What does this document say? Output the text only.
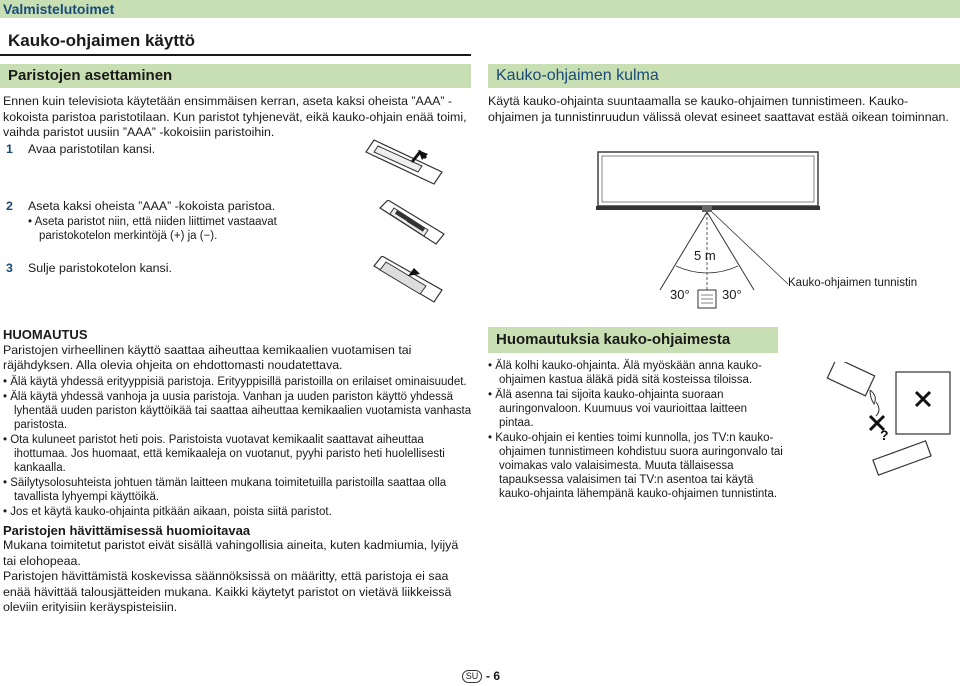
Valmistelutoimet
Kauko-ohjaimen käyttö
Paristojen asettaminen
Ennen kuin televisiota käytetään ensimmäisen kerran, aseta kaksi oheista ”AAA” -kokoista paristoa paristotilaan. Kun paristot tyhjenevät, eikä kauko-ohjain enää toimi, vaihda paristot uusiin ”AAA” -kokoisiin paristoihin.
1 Avaa paristotilan kansi.
2 Aseta kaksi oheista ”AAA” -kokoista paristoa.
• Aseta paristot niin, että niiden liittimet vastaavat paristokotelon merkintöjä (+) ja (−).
3 Sulje paristokotelon kansi.
HUOMAUTUS
Paristojen virheellinen käyttö saattaa aiheuttaa kemikaalien vuotamisen tai räjähdyksen. Alla olevia ohjeita on ehdottomasti noudatettava.
• Älä käytä yhdessä erityyppisiä paristoja. Erityyppisillä paristoilla on erilaiset ominaisuudet.
• Älä käytä yhdessä vanhoja ja uusia paristoja. Vanhan ja uuden pariston käyttö yhdessä lyhentää uuden pariston käyttöikää tai saattaa aiheuttaa kemikaalien vuotamista vanhasta paristosta.
• Ota kuluneet paristot heti pois. Paristoista vuotavat kemikaalit saattavat aiheuttaa ihottumaa. Jos huomaat, että kemikaaleja on vuotanut, pyyhi paristo heti huolellisesti kankaalla.
• Säilytysolosuhteista johtuen tämän laitteen mukana toimitetuilla paristoilla saattaa olla tavallista lyhyempi käyttöikä.
• Jos et käytä kauko-ohjainta pitkään aikaan, poista siitä paristot.
Paristojen hävittämisessä huomioitavaa
Mukana toimitetut paristot eivät sisällä vahingollisia aineita, kuten kadmiumia, lyijyä tai elohopeaa.
Paristojen hävittämistä koskevissa säännöksissä on määritty, että paristoja ei saa enää hävittää talousjätteiden mukana. Kaikki käytetyt paristot on vietävä liikkeissä oleviin erityisiin keräyspisteisiin.
Kauko-ohjaimen kulma
Käytä kauko-ohjainta suuntaamalla se kauko-ohjaimen tunnistimeen. Kauko-ohjaimen ja tunnistinruudun välissä olevat esineet saattavat estää oikean toiminnan.
5 m
30° 30°
Kauko-ohjaimen tunnistin
Huomautuksia kauko-ohjaimesta
• Älä kolhi kauko-ohjainta. Älä myöskään anna kauko-ohjaimen kastua äläkä pidä sitä kosteissa tiloissa.
• Älä asenna tai sijoita kauko-ohjainta suoraan auringonvaloon. Kuumuus voi vaurioittaa laitteen pintaa.
• Kauko-ohjain ei kenties toimi kunnolla, jos TV:n kauko-ohjaimen tunnistimeen kohdistuu suora auringonvalo tai voimakas valo valaisimesta. Muuta tällaisessa tapauksessa valaisimen tai TV:n asentoa tai käytä kauko-ohjainta lähempänä kauko-ohjaimen tunnistinta.
?
SU - 6
